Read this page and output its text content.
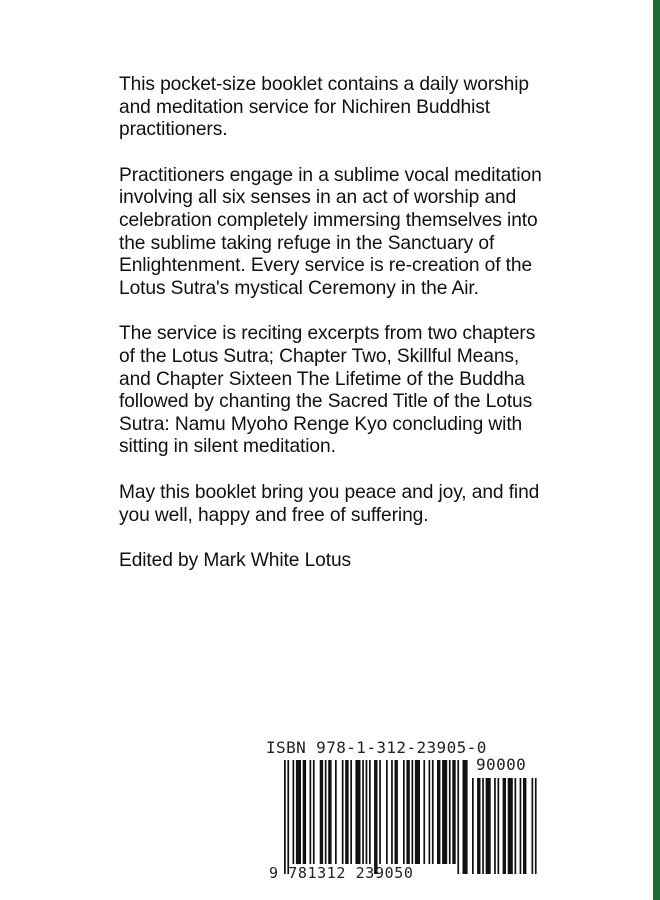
This pocket-size booklet contains a daily worship and meditation service for Nichiren Buddhist practitioners.

Practitioners engage in a sublime vocal meditation involving all six senses in an act of worship and celebration completely immersing themselves into the sublime taking refuge in the Sanctuary of Enlightenment. Every service is re-creation of the Lotus Sutra's mystical Ceremony in the Air.

The service is reciting excerpts from two chapters of the Lotus Sutra; Chapter Two, Skillful Means, and Chapter Sixteen The Lifetime of the Buddha followed by chanting the Sacred Title of the Lotus Sutra: Namu Myoho Renge Kyo concluding with sitting in silent meditation.

May this booklet bring you peace and joy, and find you well, happy and free of suffering.

Edited by Mark White Lotus

ISBN 978-1-312-23905-0
90000
9 781312 239050
